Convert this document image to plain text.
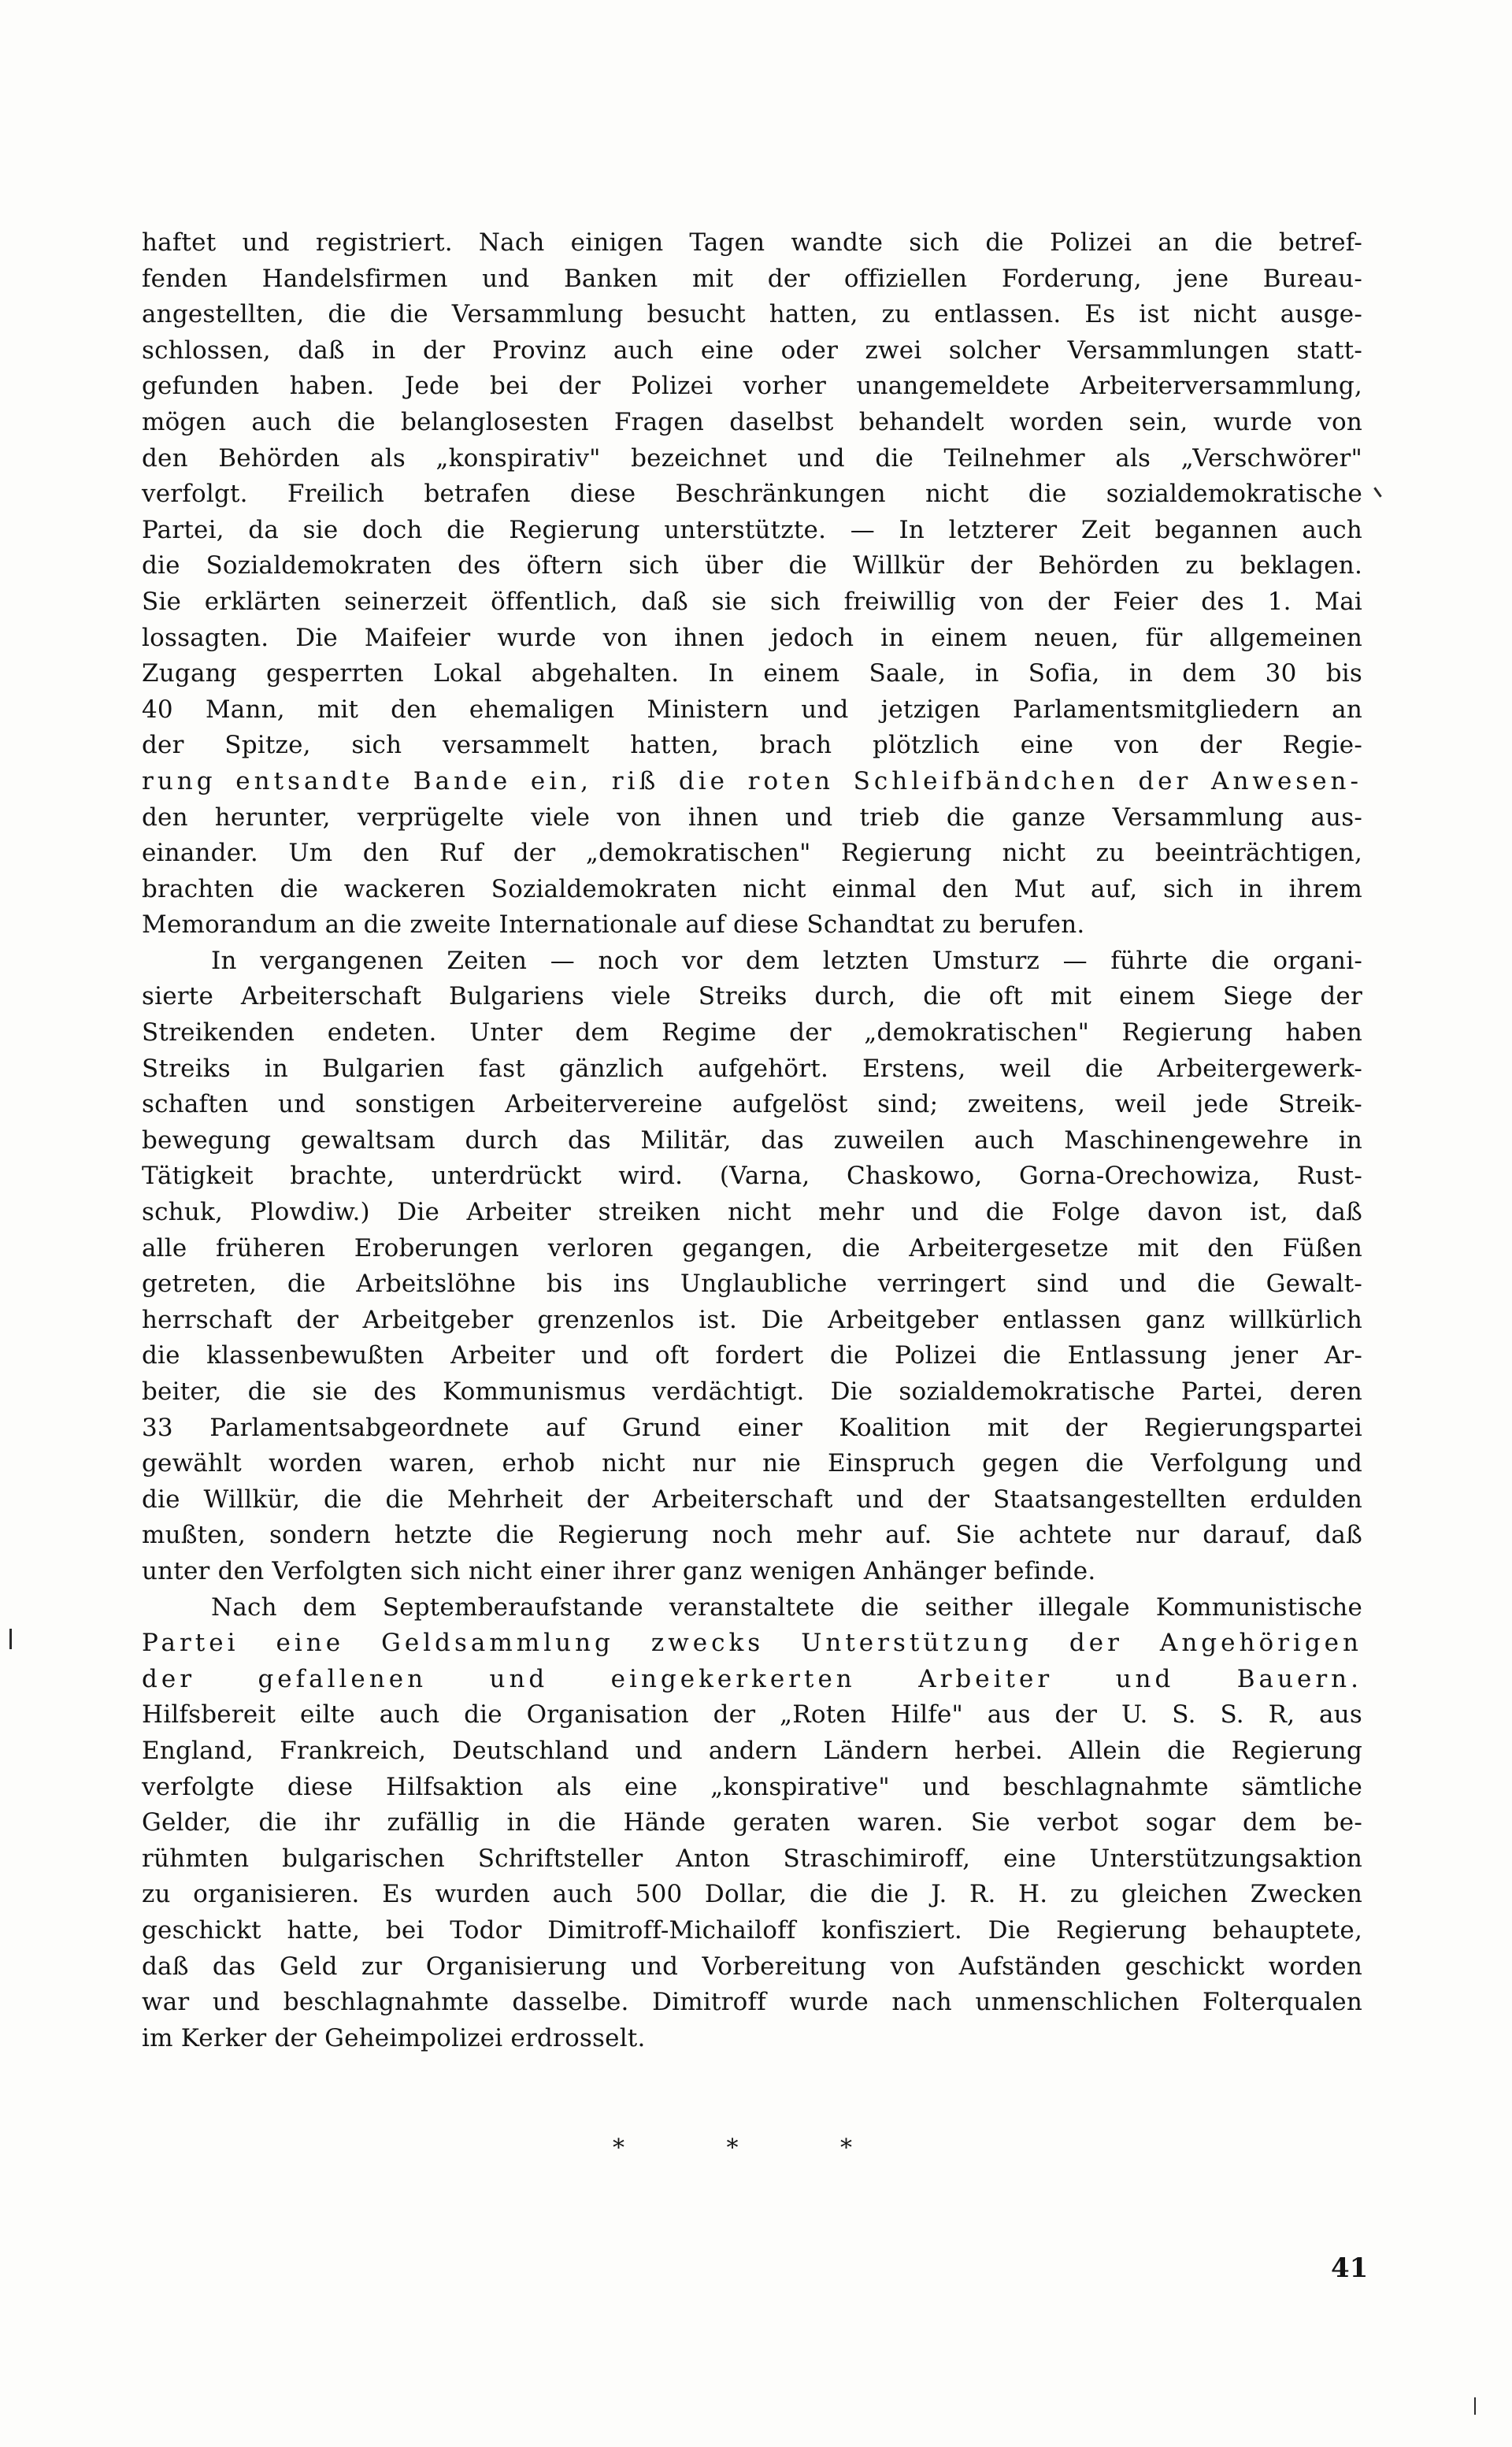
haftet und registriert. Nach einigen Tagen wandte sich die Polizei an die betref-
fenden Handelsfirmen und Banken mit der offiziellen Forderung, jene Bureau-
angestellten, die die Versammlung besucht hatten, zu entlassen. Es ist nicht ausge-
schlossen, daß in der Provinz auch eine oder zwei solcher Versammlungen statt-
gefunden haben. Jede bei der Polizei vorher unangemeldete Arbeiterversammlung,
mögen auch die belanglosesten Fragen daselbst behandelt worden sein, wurde von
den Behörden als „konspirativ" bezeichnet und die Teilnehmer als „Verschwörer"
verfolgt. Freilich betrafen diese Beschränkungen nicht die sozialdemokratische
Partei, da sie doch die Regierung unterstützte. — In letzterer Zeit begannen auch
die Sozialdemokraten des öftern sich über die Willkür der Behörden zu beklagen.
Sie erklärten seinerzeit öffentlich, daß sie sich freiwillig von der Feier des 1. Mai
lossagten. Die Maifeier wurde von ihnen jedoch in einem neuen, für allgemeinen
Zugang gesperrten Lokal abgehalten. In einem Saale, in Sofia, in dem 30 bis
40 Mann, mit den ehemaligen Ministern und jetzigen Parlamentsmitgliedern an
der Spitze, sich versammelt hatten, brach plötzlich eine von der Regie-
rung entsandte Bande ein, riß die roten Schleifbändchen der Anwesen-
den herunter, verprügelte viele von ihnen und trieb die ganze Versammlung aus-
einander. Um den Ruf der „demokratischen" Regierung nicht zu beeinträchtigen,
brachten die wackeren Sozialdemokraten nicht einmal den Mut auf, sich in ihrem
Memorandum an die zweite Internationale auf diese Schandtat zu berufen.

In vergangenen Zeiten — noch vor dem letzten Umsturz — führte die organi-
sierte Arbeiterschaft Bulgariens viele Streiks durch, die oft mit einem Siege der
Streikenden endeten. Unter dem Regime der „demokratischen" Regierung haben
Streiks in Bulgarien fast gänzlich aufgehört. Erstens, weil die Arbeitergewerk-
schaften und sonstigen Arbeitervereine aufgelöst sind; zweitens, weil jede Streik-
bewegung gewaltsam durch das Militär, das zuweilen auch Maschinengewehre in
Tätigkeit brachte, unterdrückt wird. (Varna, Chaskowo, Gorna-Orechowiza, Rust-
schuk, Plowdiw.) Die Arbeiter streiken nicht mehr und die Folge davon ist, daß
alle früheren Eroberungen verloren gegangen, die Arbeitergesetze mit den Füßen
getreten, die Arbeitslöhne bis ins Unglaubliche verringert sind und die Gewalt-
herrschaft der Arbeitgeber grenzenlos ist. Die Arbeitgeber entlassen ganz willkürlich
die klassenbewußten Arbeiter und oft fordert die Polizei die Entlassung jener Ar-
beiter, die sie des Kommunismus verdächtigt. Die sozialdemokratische Partei, deren
33 Parlamentsabgeordnete auf Grund einer Koalition mit der Regierungspartei
gewählt worden waren, erhob nicht nur nie Einspruch gegen die Verfolgung und
die Willkür, die die Mehrheit der Arbeiterschaft und der Staatsangestellten erdulden
mußten, sondern hetzte die Regierung noch mehr auf. Sie achtete nur darauf, daß
unter den Verfolgten sich nicht einer ihrer ganz wenigen Anhänger befinde.

Nach dem Septemberaufstande veranstaltete die seither illegale Kommunistische
Partei eine Geldsammlung zwecks Unterstützung der Angehörigen
der gefallenen und eingekerkerten Arbeiter und Bauern.
Hilfsbereit eilte auch die Organisation der „Roten Hilfe" aus der U. S. S. R, aus
England, Frankreich, Deutschland und andern Ländern herbei. Allein die Regierung
verfolgte diese Hilfsaktion als eine „konspirative" und beschlagnahmte sämtliche
Gelder, die ihr zufällig in die Hände geraten waren. Sie verbot sogar dem be-
rühmten bulgarischen Schriftsteller Anton Straschimiroff, eine Unterstützungsaktion
zu organisieren. Es wurden auch 500 Dollar, die die J. R. H. zu gleichen Zwecken
geschickt hatte, bei Todor Dimitroff-Michailoff konfisziert. Die Regierung behauptete,
daß das Geld zur Organisierung und Vorbereitung von Aufständen geschickt worden
war und beschlagnahmte dasselbe. Dimitroff wurde nach unmenschlichen Folterqualen
im Kerker der Geheimpolizei erdrosselt.

* * *
41
